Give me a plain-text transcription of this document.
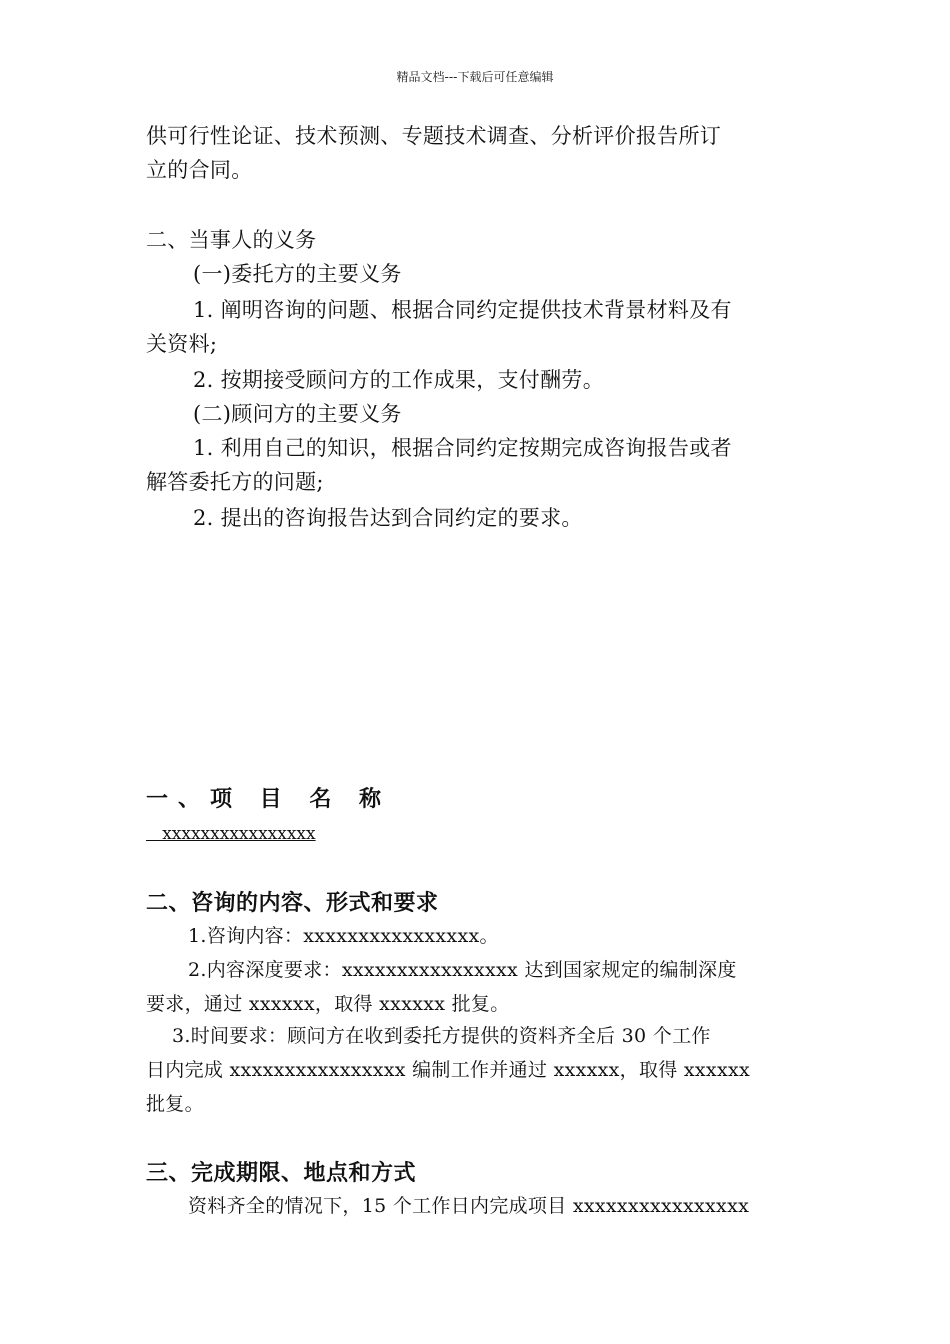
精品文档---下载后可任意编辑
供可行性论证、技术预测、专题技术调查、分析评价报告所订
立的合同。
二、当事人的义务
(一)委托方的主要义务
1. 阐明咨询的问题、根据合同约定提供技术背景材料及有
关资料;
2. 按期接受顾问方的工作成果，支付酬劳。
(二)顾问方的主要义务
1. 利用自己的知识，根据合同约定按期完成咨询报告或者
解答委托方的问题;
2. 提出的咨询报告达到合同约定的要求。
一、项 目 名 称
xxxxxxxxxxxxxxxx
二、咨询的内容、形式和要求
1.咨询内容：xxxxxxxxxxxxxxxx。
2.内容深度要求：xxxxxxxxxxxxxxxx 达到国家规定的编制深度
要求，通过 xxxxxx，取得 xxxxxx 批复。
3.时间要求：顾问方在收到委托方提供的资料齐全后 30 个工作
日内完成 xxxxxxxxxxxxxxxx 编制工作并通过 xxxxxx，取得 xxxxxx
批复。
三、完成期限、地点和方式
资料齐全的情况下，15 个工作日内完成项目 xxxxxxxxxxxxxxxx
